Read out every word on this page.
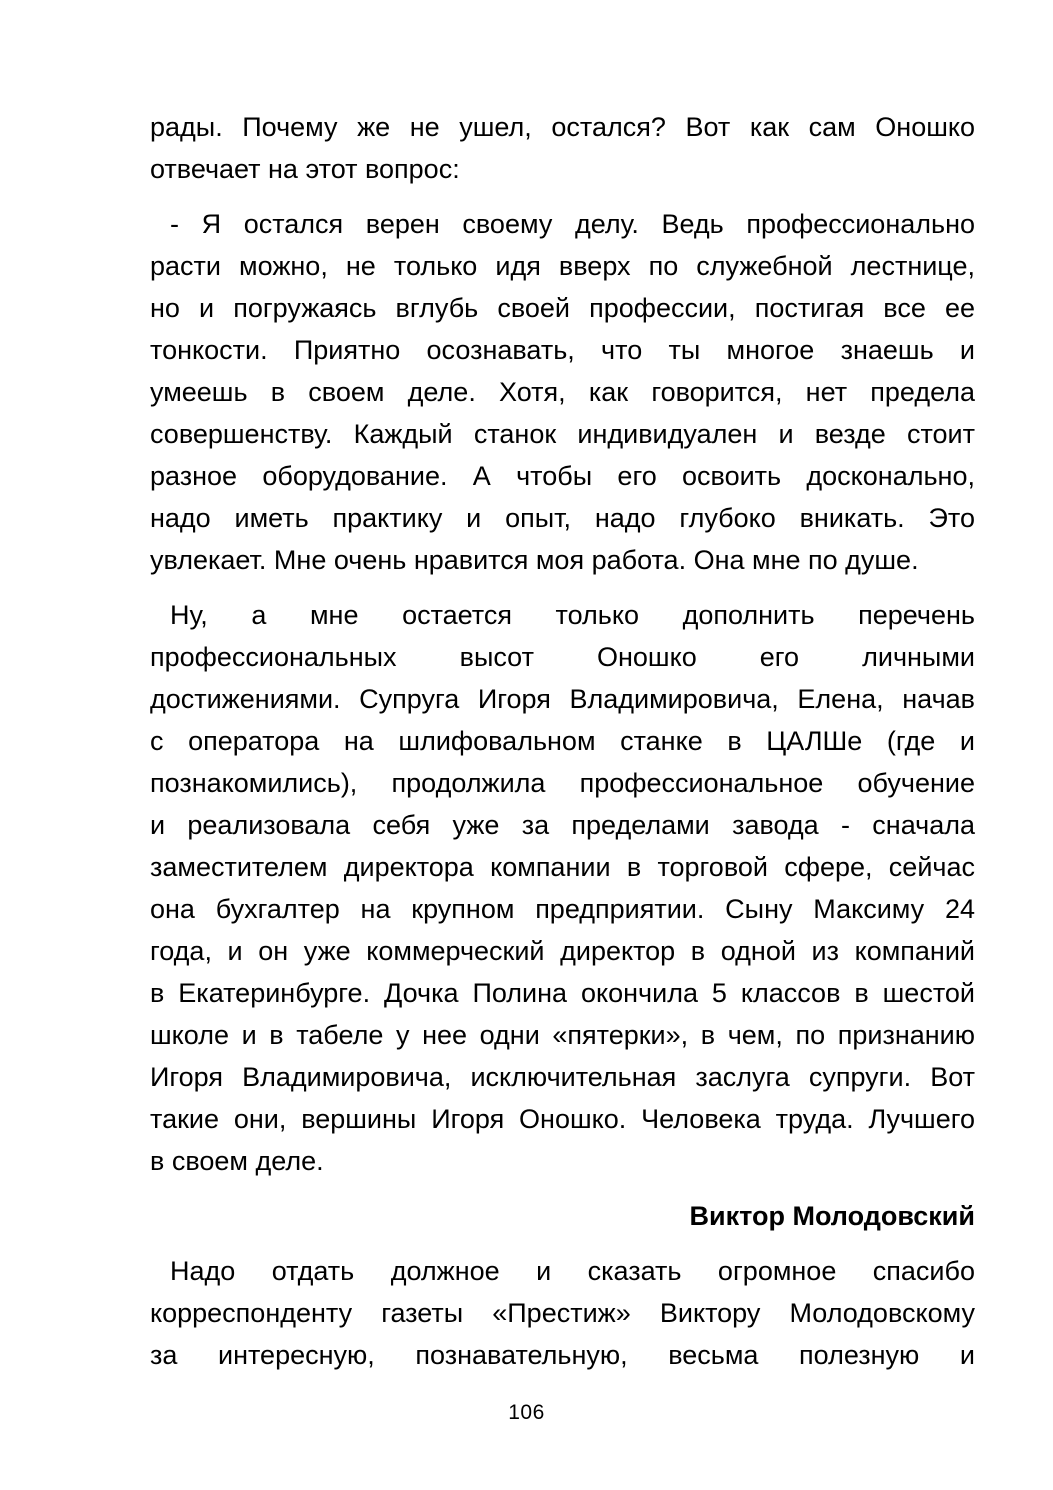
рады. Почему же не ушел, остался? Вот как сам Оношко
отвечает на этот вопрос:
- Я остался верен своему делу. Ведь профессионально
расти можно, не только идя вверх по служебной лестнице,
но и погружаясь вглубь своей профессии, постигая все ее
тонкости. Приятно осознавать, что ты многое знаешь и
умеешь в своем деле. Хотя, как говорится, нет предела
совершенству. Каждый станок индивидуален и везде стоит
разное оборудование. А чтобы его освоить досконально,
надо иметь практику и опыт, надо глубоко вникать. Это
увлекает. Мне очень нравится моя работа. Она мне по душе.
Ну, а мне остается только дополнить перечень
профессиональных высот Оношко его личными
достижениями. Супруга Игоря Владимировича, Елена, начав
с оператора на шлифовальном станке в ЦАЛШе (где и
познакомились), продолжила профессиональное обучение
и реализовала себя уже за пределами завода - сначала
заместителем директора компании в торговой сфере, сейчас
она бухгалтер на крупном предприятии. Сыну Максиму 24
года, и он уже коммерческий директор в одной из компаний
в Екатеринбурге. Дочка Полина окончила 5 классов в шестой
школе и в табеле у нее одни «пятерки», в чем, по признанию
Игоря Владимировича, исключительная заслуга супруги. Вот
такие они, вершины Игоря Оношко. Человека труда. Лучшего
в своем деле.
Виктор Молодовский
Надо отдать должное и сказать огромное спасибо
корреспонденту газеты «Престиж» Виктору Молодовскому
за интересную, познавательную, весьма полезную и
106
